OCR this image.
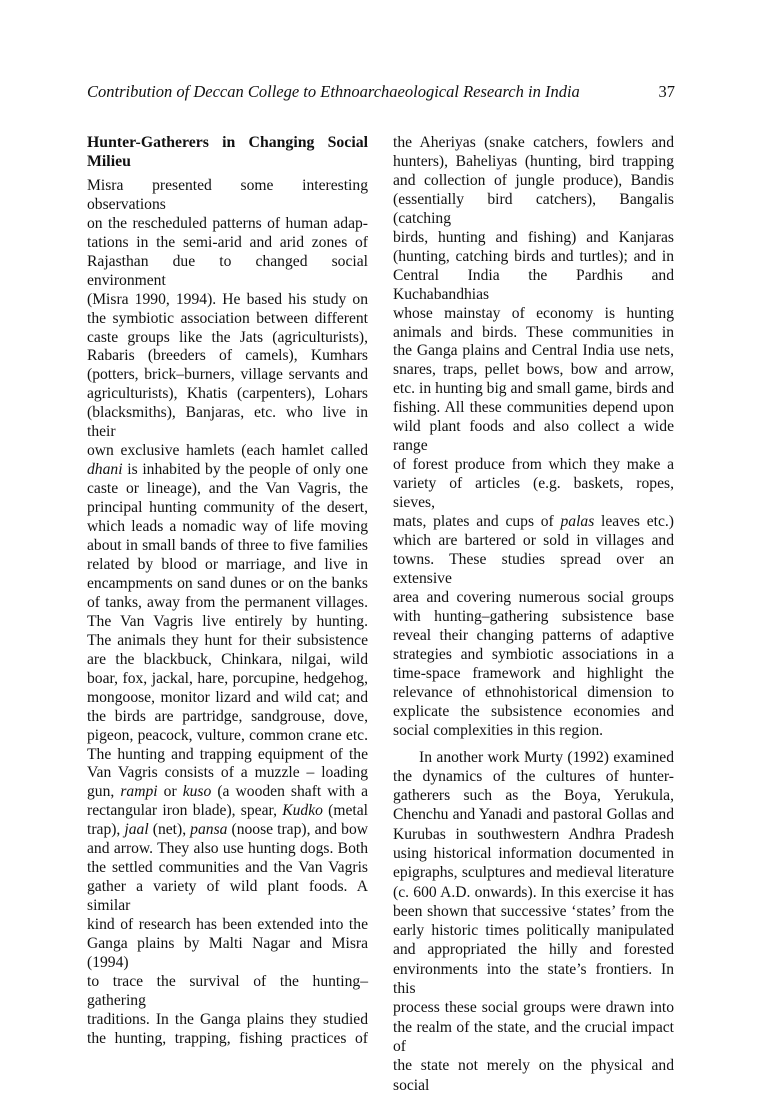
Contribution of Deccan College to Ethnoarchaeological Research in India	37

Hunter-Gatherers in Changing Social

Milieu

Misra presented some interesting observations

on the rescheduled patterns of human adap-

tations in the semi-arid and arid zones of

Rajasthan due to changed social environment

(Misra 1990, 1994). He based his study on

the symbiotic association between different

caste groups like the Jats (agriculturists),

Rabaris (breeders of camels), Kumhars

(potters, brick–burners, village servants and

agriculturists), Khatis (carpenters), Lohars

(blacksmiths), Banjaras, etc. who live in their

own exclusive hamlets (each hamlet called

dhani is inhabited by the people of only one

caste or lineage), and the Van Vagris, the

principal hunting community of the desert,

which leads a nomadic way of life moving

about in small bands of three to five families

related by blood or marriage, and live in

encampments on sand dunes or on the banks

of tanks, away from the permanent villages.

The Van Vagris live entirely by hunting.

The animals they hunt for their subsistence

are the blackbuck, Chinkara, nilgai, wild

boar, fox, jackal, hare, porcupine, hedgehog,

mongoose, monitor lizard and wild cat; and

the birds are partridge, sandgrouse, dove,

pigeon, peacock, vulture, common crane etc.

The hunting and trapping equipment of the

Van Vagris consists of a muzzle – loading

gun, rampi or kuso (a wooden shaft with a

rectangular iron blade), spear, Kudko (metal

trap), jaal (net), pansa (noose trap), and bow

and arrow. They also use hunting dogs. Both

the settled communities and the Van Vagris

gather a variety of wild plant foods. A similar

kind of research has been extended into the

Ganga plains by Malti Nagar and Misra (1994)

to trace the survival of the hunting–gathering

traditions. In the Ganga plains they studied

the hunting, trapping, fishing practices of

the Aheriyas (snake catchers, fowlers and

hunters), Baheliyas (hunting, bird trapping

and collection of jungle produce), Bandis

(essentially bird catchers), Bangalis (catching

birds, hunting and fishing) and Kanjaras

(hunting, catching birds and turtles); and in

Central India the Pardhis and Kuchabandhias

whose mainstay of economy is hunting

animals and birds. These communities in

the Ganga plains and Central India use nets,

snares, traps, pellet bows, bow and arrow,

etc. in hunting big and small game, birds and

fishing. All these communities depend upon

wild plant foods and also collect a wide range

of forest produce from which they make a

variety of articles (e.g. baskets, ropes, sieves,

mats, plates and cups of palas leaves etc.)

which are bartered or sold in villages and

towns. These studies spread over an extensive

area and covering numerous social groups

with hunting–gathering subsistence base

reveal their changing patterns of adaptive

strategies and symbiotic associations in a

time-space framework and highlight the

relevance of ethnohistorical dimension to

explicate the subsistence economies and

social complexities in this region.

In another work Murty (1992) examined

the dynamics of the cultures of hunter-

gatherers such as the Boya, Yerukula,

Chenchu and Yanadi and pastoral Gollas and

Kurubas in southwestern Andhra Pradesh

using historical information documented in

epigraphs, sculptures and medieval literature

(c. 600 A.D. onwards). In this exercise it has

been shown that successive ‘states’ from the

early historic times politically manipulated

and appropriated the hilly and forested

environments into the state’s frontiers. In this

process these social groups were drawn into

the realm of the state, and the crucial impact of

the state not merely on the physical and social
